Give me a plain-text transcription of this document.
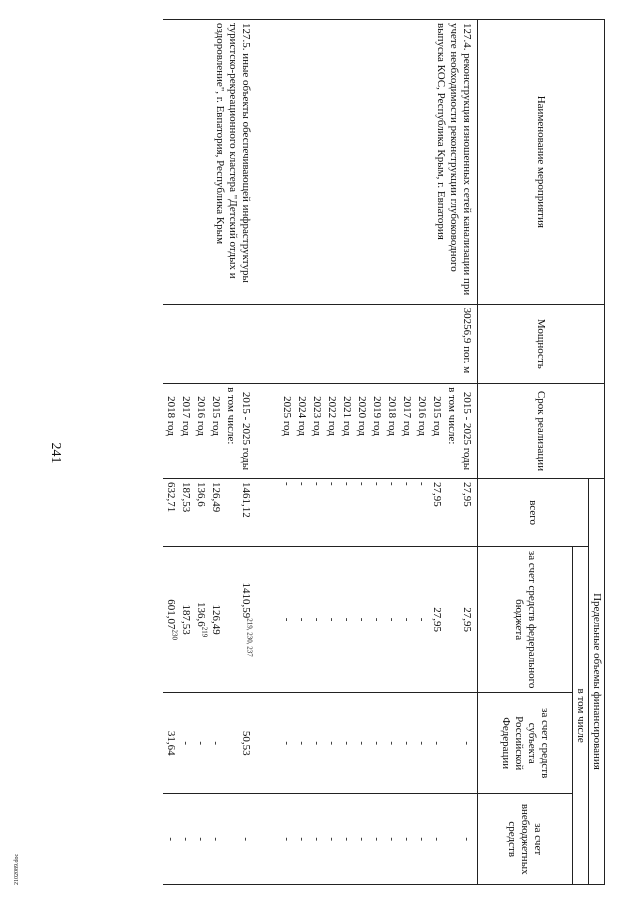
241
2102089.doc
Наименование мероприятия	Мощность	Срок реализации	Предельные объемы финансирования			
			всего	в том числе		
				за счет средств федерального бюджета	за счет средств субъекта Российской Федерации	за счет внебюджетных средств
127.4. реконструкция изношенных сетей канализации при учете необходимости реконструкции глубоководного выпуска КОС, Республика Крым, г. Евпатория	30256,9 пог. м	2015 - 2025 годы	27,95	27,95	-	-
		в том числе:				
		2015 год	27,95	27,95	-	-
		2016 год	-	-	-	-
		2017 год	-	-	-	-
		2018 год	-	-	-	-
		2019 год	-	-	-	-
		2020 год	-	-	-	-
		2021 год	-	-	-	-
		2022 год	-	-	-	-
		2023 год	-	-	-	-
		2024 год	-	-	-	-
		2025 год	-	-	-	-

127.5. иные объекты обеспечивающей инфраструктуры туристско-рекреационного кластера "Детский отдых и оздоровление", г. Евпатория, Республика Крым		2015 - 2025 годы	1461,12	1410,59$^{219, 230, 237}$	50,53	-
		в том числе:				
		2015 год	126,49	126,49	-	-
		2016 год	136,6	136,6$^{219}$	-	-
		2017 год	187,53	187,53	-	-
		2018 год	632,71	601,07$^{230}$	31,64	-
